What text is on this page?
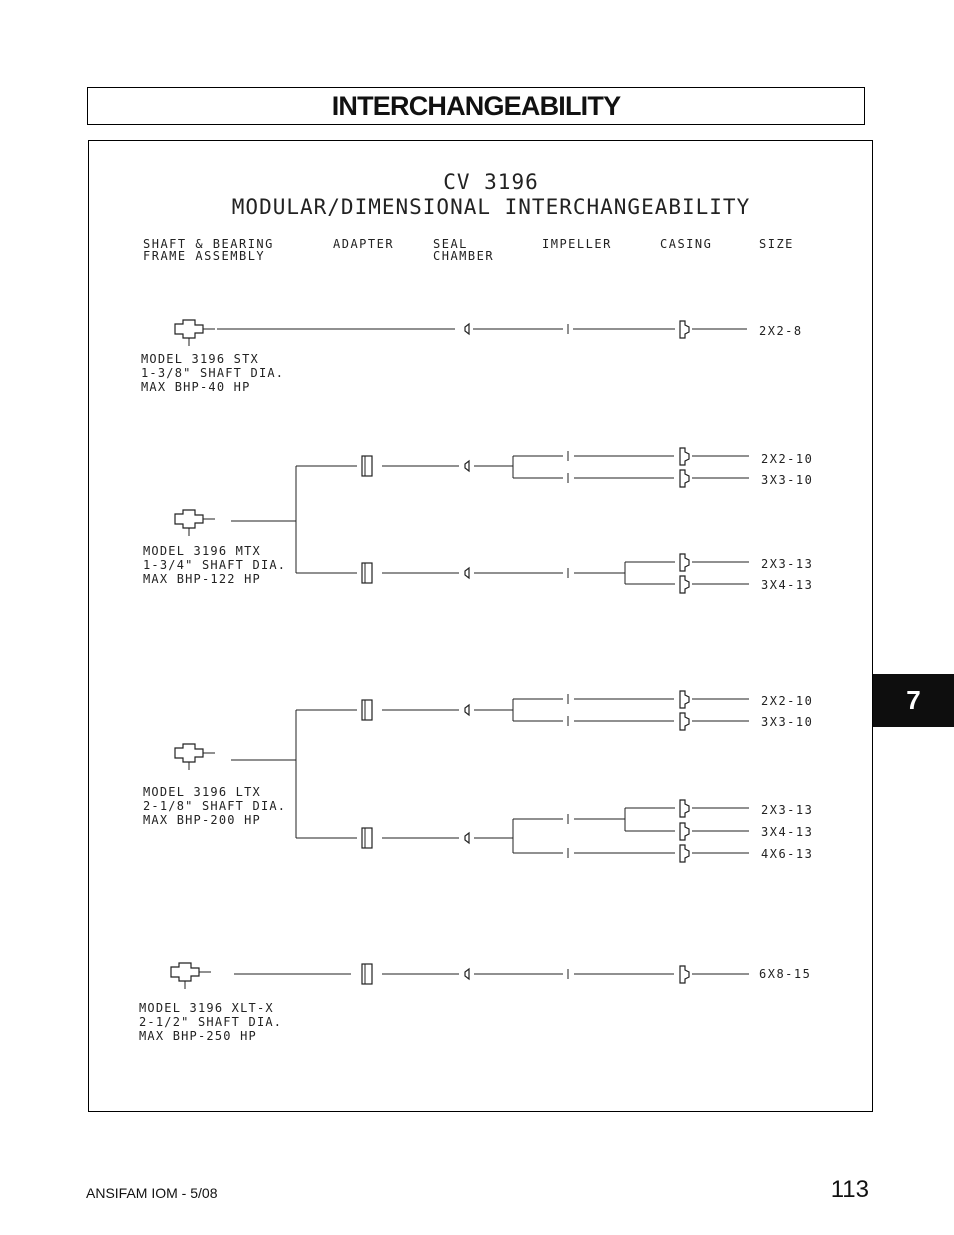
INTERCHANGEABILITY
CV 3196
MODULAR/DIMENSIONAL INTERCHANGEABILITY
SHAFT & BEARING
FRAME ASSEMBLY
ADAPTER	SEAL
CHAMBER
IMPELLER	CASING	SIZE
MODEL 3196 STX
1-3/8" SHAFT DIA.
MAX BHP-40 HP
MODEL 3196 MTX
1-3/4" SHAFT DIA.
MAX BHP-122 HP
MODEL 3196 LTX
2-1/8" SHAFT DIA.
MAX BHP-200 HP
MODEL 3196 XLT-X
2-1/2" SHAFT DIA.
MAX BHP-250 HP
2X2-8
2X2-10
3X3-10
2X3-13
3X4-13
2X2-10
3X3-10
2X3-13
3X4-13
4X6-13
6X8-15
7
ANSIFAM IOM - 5/08	113
